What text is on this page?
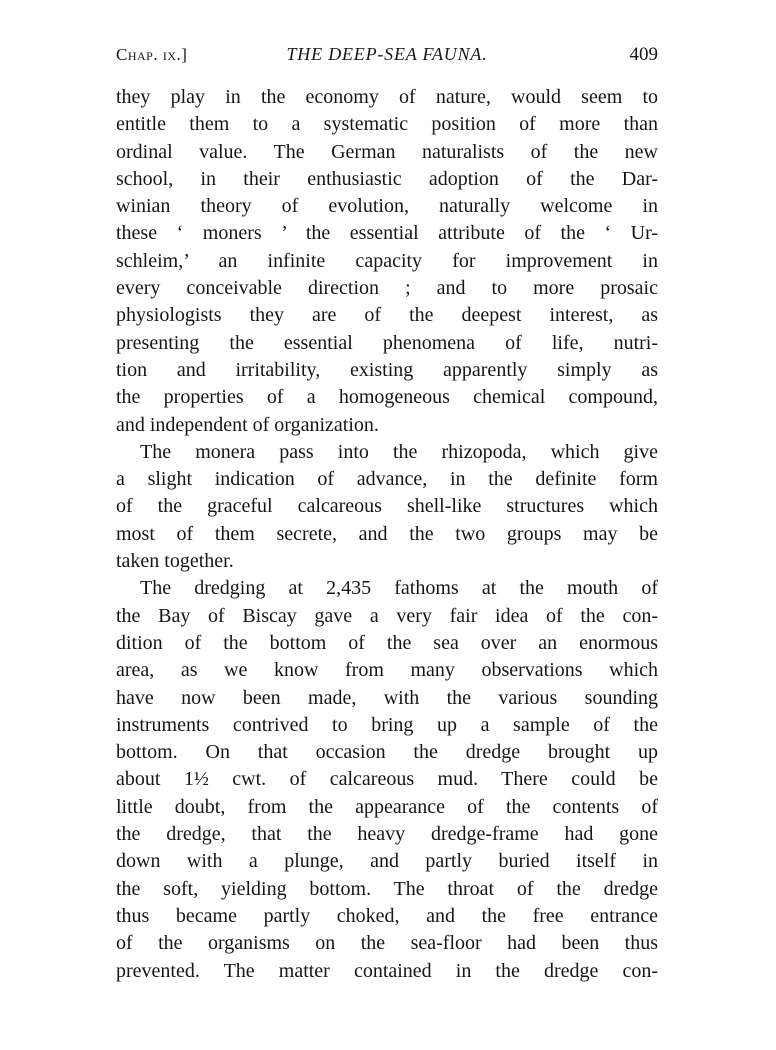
Chap. ix.]	THE DEEP-SEA FAUNA.	409
they play in the economy of nature, would seem to
entitle them to a systematic position of more than
ordinal value. The German naturalists of the new
school, in their enthusiastic adoption of the Dar-
winian theory of evolution, naturally welcome in
these ‘ moners ’ the essential attribute of the ‘ Ur-
schleim,’ an infinite capacity for improvement in
every conceivable direction ; and to more prosaic
physiologists they are of the deepest interest, as
presenting the essential phenomena of life, nutri-
tion and irritability, existing apparently simply as
the properties of a homogeneous chemical compound,
and independent of organization.
The monera pass into the rhizopoda, which give
a slight indication of advance, in the definite form
of the graceful calcareous shell-like structures which
most of them secrete, and the two groups may be
taken together.
The dredging at 2,435 fathoms at the mouth of
the Bay of Biscay gave a very fair idea of the con-
dition of the bottom of the sea over an enormous
area, as we know from many observations which
have now been made, with the various sounding
instruments contrived to bring up a sample of the
bottom. On that occasion the dredge brought up
about 1½ cwt. of calcareous mud. There could be
little doubt, from the appearance of the contents of
the dredge, that the heavy dredge-frame had gone
down with a plunge, and partly buried itself in
the soft, yielding bottom. The throat of the dredge
thus became partly choked, and the free entrance
of the organisms on the sea-floor had been thus
prevented. The matter contained in the dredge con-
